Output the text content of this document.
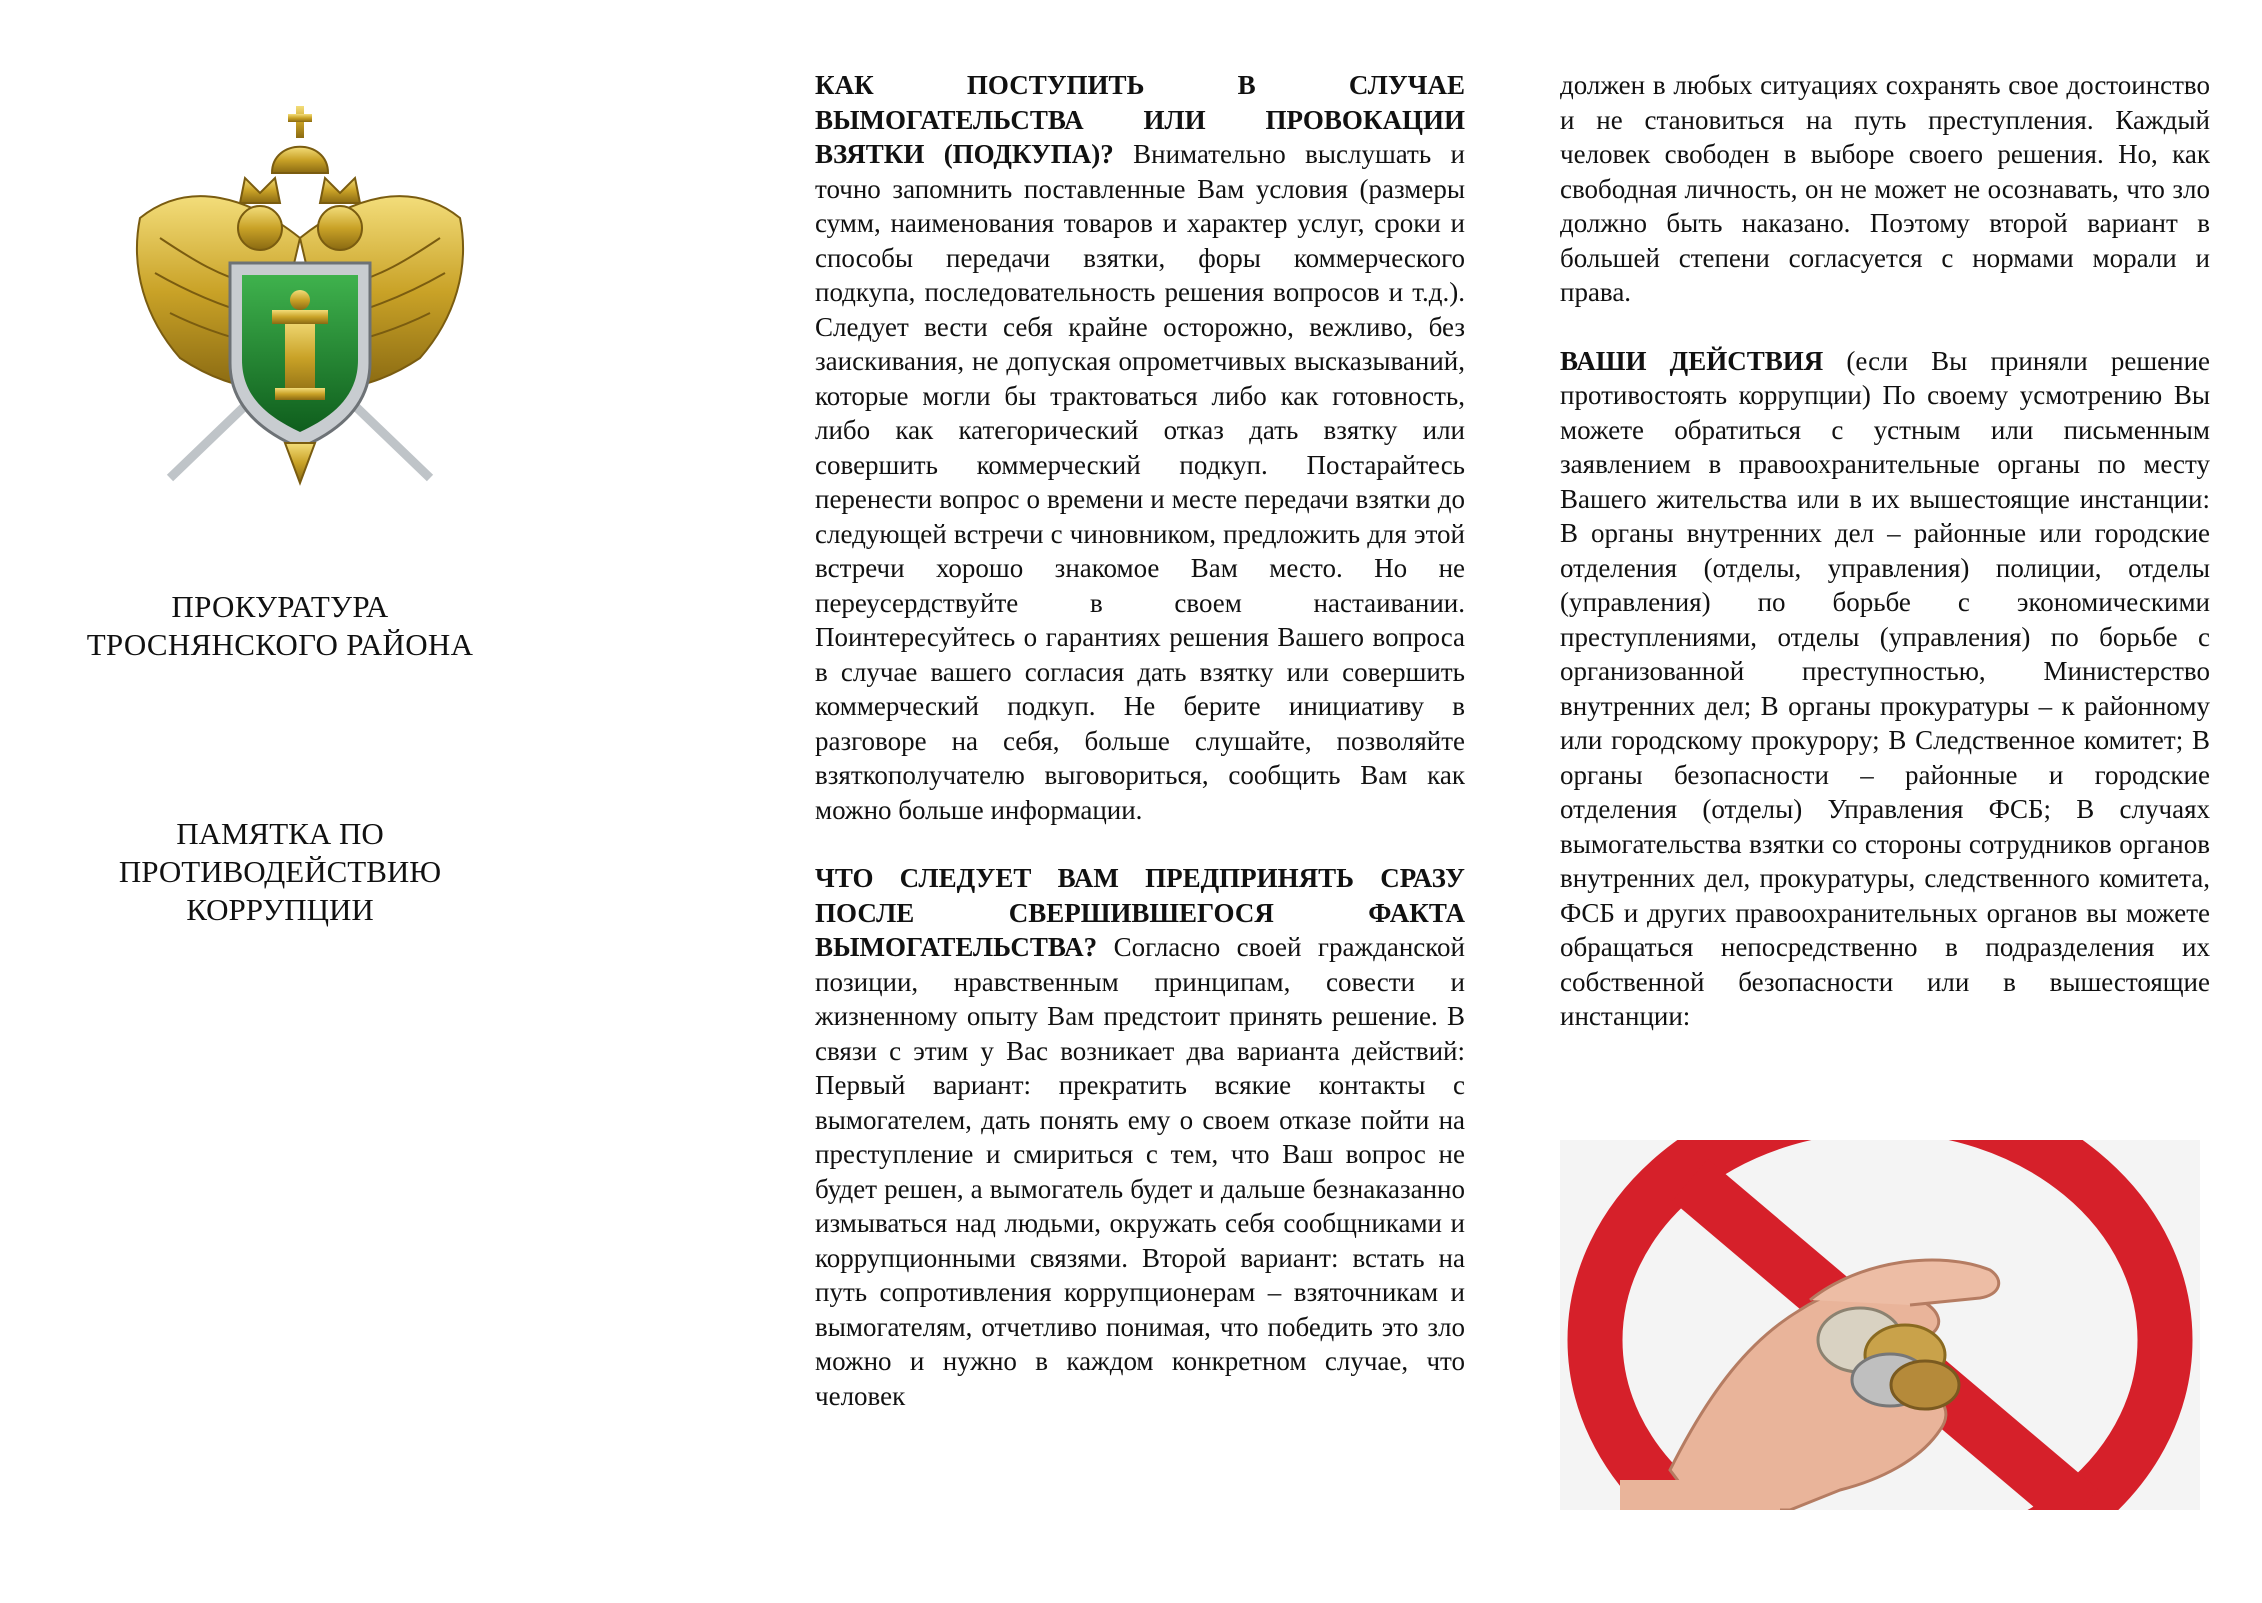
ПРОКУРАТУРА
ТРОСНЯНСКОГО РАЙОНА
ПАМЯТКА ПО
ПРОТИВОДЕЙСТВИЮ
КОРРУПЦИИ

КАК ПОСТУПИТЬ В СЛУЧАЕ ВЫМОГАТЕЛЬСТВА ИЛИ ПРОВОКАЦИИ ВЗЯТКИ (ПОДКУПА)? Внимательно выслушать и точно запомнить поставленные Вам условия (размеры сумм, наименования товаров и характер услуг, сроки и способы передачи взятки, форы коммерческого подкупа, последовательность решения вопросов и т.д.). Следует вести себя крайне осторожно, вежливо, без заискивания, не допуская опрометчивых высказываний, которые могли бы трактоваться либо как готовность, либо как категорический отказ дать взятку или совершить коммерческий подкуп. Постарайтесь перенести вопрос о времени и месте передачи взятки до следующей встречи с чиновником, предложить для этой встречи хорошо знакомое Вам место. Но не переусердствуйте в своем настаивании. Поинтересуйтесь о гарантиях решения Вашего вопроса в случае вашего согласия дать взятку или совершить коммерческий подкуп. Не берите инициативу в разговоре на себя, больше слушайте, позволяйте взяткополучателю выговориться, сообщить Вам как можно больше информации.

ЧТО СЛЕДУЕТ ВАМ ПРЕДПРИНЯТЬ СРАЗУ ПОСЛЕ СВЕРШИВШЕГОСЯ ФАКТА ВЫМОГАТЕЛЬСТВА? Согласно своей гражданской позиции, нравственным принципам, совести и жизненному опыту Вам предстоит принять решение. В связи с этим у Вас возникает два варианта действий: Первый вариант: прекратить всякие контакты с вымогателем, дать понять ему о своем отказе пойти на преступление и смириться с тем, что Ваш вопрос не будет решен, а вымогатель будет и дальше безнаказанно измываться над людьми, окружать себя сообщниками и коррупционными связями. Второй вариант: встать на путь сопротивления коррупционерам – взяточникам и вымогателям, отчетливо понимая, что победить это зло можно и нужно в каждом конкретном случае, что человек

должен в любых ситуациях сохранять свое достоинство и не становиться на путь преступления. Каждый человек свободен в выборе своего решения. Но, как свободная личность, он не может не осознавать, что зло должно быть наказано. Поэтому второй вариант в большей степени согласуется с нормами морали и права.

ВАШИ ДЕЙСТВИЯ (если Вы приняли решение противостоять коррупции) По своему усмотрению Вы можете обратиться с устным или письменным заявлением в правоохранительные органы по месту Вашего жительства или в их вышестоящие инстанции: В органы внутренних дел – районные или городские отделения (отделы, управления) полиции, отделы (управления) по борьбе с экономическими преступлениями, отделы (управления) по борьбе с организованной преступностью, Министерство внутренних дел; В органы прокуратуры – к районному или городскому прокурору; В Следственное комитет; В органы безопасности – районные и городские отделения (отделы) Управления ФСБ; В случаях вымогательства взятки со стороны сотрудников органов внутренних дел, прокуратуры, следственного комитета, ФСБ и других правоохранительных органов вы можете обращаться непосредственно в подразделения их собственной безопасности или в вышестоящие инстанции:
